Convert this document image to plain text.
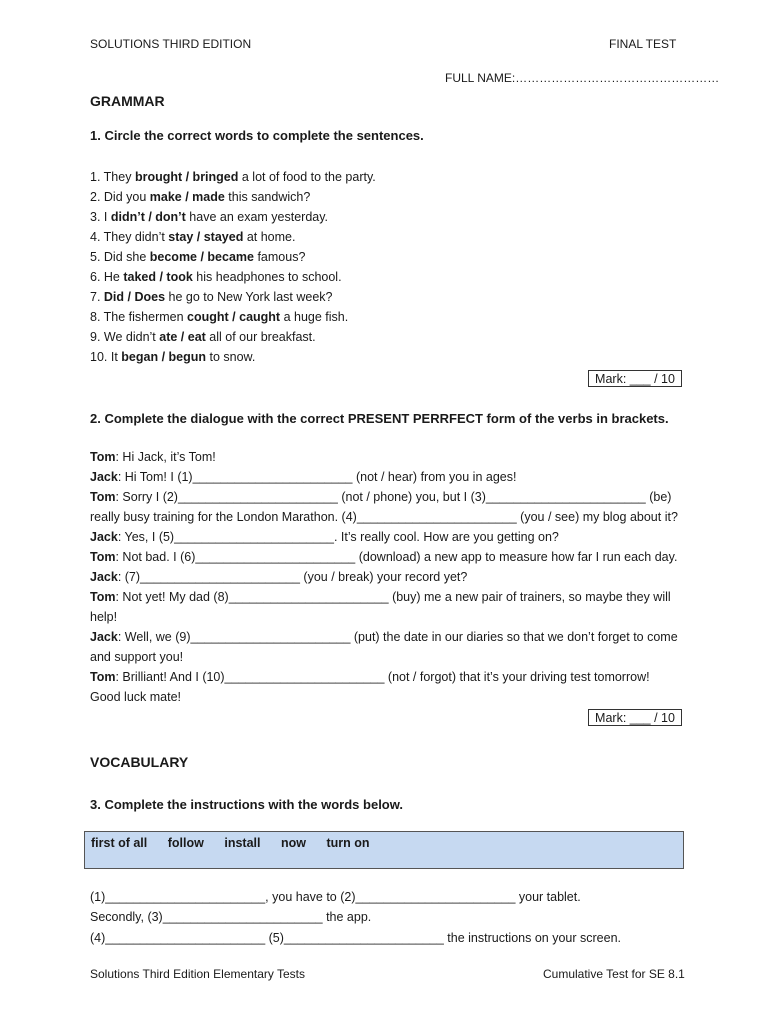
SOLUTIONS THIRD EDITION	FINAL TEST
FULL NAME:……………………………………………
GRAMMAR
1. Circle the correct words to complete the sentences.
1. They brought / bringed a lot of food to the party.
2. Did you make / made this sandwich?
3. I didn’t / don’t have an exam yesterday.
4. They didn’t stay / stayed at home.
5. Did she become / became famous?
6. He taked / took his headphones to school.
7. Did / Does he go to New York last week?
8. The fishermen cought / caught a huge fish.
9. We didn’t ate / eat all of our breakfast.
10. It began / begun to snow.
Mark: ___ / 10
2. Complete the dialogue with the correct PRESENT PERRFECT form of the verbs in brackets.
Tom: Hi Jack, it’s Tom!
Jack: Hi Tom! I (1)_______________________ (not / hear) from you in ages!
Tom: Sorry I (2)_______________________ (not / phone) you, but I (3)_______________________ (be)
really busy training for the London Marathon. (4)_______________________ (you / see) my blog about it?
Jack: Yes, I (5)_______________________. It’s really cool. How are you getting on?
Tom: Not bad. I (6)_______________________ (download) a new app to measure how far I run each day.
Jack: (7)_______________________ (you / break) your record yet?
Tom: Not yet! My dad (8)_______________________ (buy) me a new pair of trainers, so maybe they will
help!
Jack: Well, we (9)_______________________ (put) the date in our diaries so that we don’t forget to come
and support you!
Tom: Brilliant! And I (10)_______________________ (not / forgot) that it’s your driving test tomorrow!
Good luck mate!
Mark: ___ / 10
VOCABULARY
3. Complete the instructions with the words below.
first of all follow install now turn on
(1)_______________________, you have to (2)_______________________ your tablet.
Secondly, (3)_______________________ the app.
(4)_______________________ (5)_______________________ the instructions on your screen.
Solutions Third Edition Elementary Tests	Cumulative Test for SE 8.1
